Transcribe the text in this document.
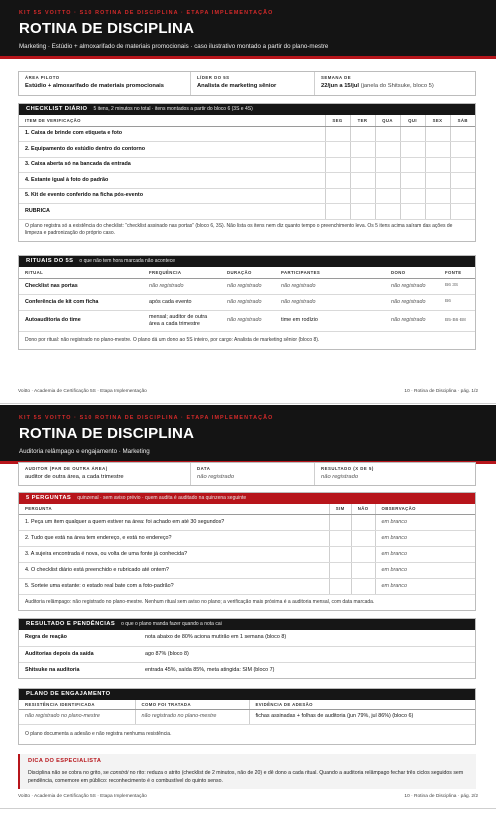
KIT 5S VOITTO · S10 ROTINA DE DISCIPLINA · ETAPA IMPLEMENTAÇÃO
ROTINA DE DISCIPLINA
Marketing · Estúdio + almoxarifado de materiais promocionais · caso ilustrativo montado a partir do plano-mestre
ÁREA PILOTO
Estúdio + almoxarifado de materiais promocionais
LÍDER DO 5S
Analista de marketing sênior
SEMANA DE
22/jun a 15/jul (janela do Shitsuke, bloco 5)
CHECKLIST DIÁRIO 5 itens, 2 minutos no total · itens montados a partir do bloco 6 (3S e 4S)
ITEM DE VERIFICAÇÃO	SEG	TER	QUA	QUI	SEX	SÁB
1. Caixa de brinde com etiqueta e foto						
2. Equipamento do estúdio dentro do contorno						
3. Caixa aberta só na bancada da entrada						
4. Estante igual à foto do padrão						
5. Kit de evento conferido na ficha pós-evento						
RUBRICA						
O plano registra só a existência do checklist: “checklist assinado nas portas” (bloco 6, 3S). Não lista os itens nem diz quanto tempo o preenchimento leva. Os 5 itens acima saíram das ações de limpeza e padronização do próprio caso.
RITUAIS DO 5S o que não tem hora marcada não acontece
RITUAL	FREQUÊNCIA	DURAÇÃO	PARTICIPANTES	DONO	FONTE
Checklist nas portas	não registrado	não registrado	não registrado	não registrado	B6 3S
Conferência de kit com ficha	após cada evento	não registrado	não registrado	não registrado	B6
Autoauditoria do time	mensal; auditor de outra área a cada trimestre	não registrado	time em rodízio	não registrado	B5·B6·B8
Dono por ritual: não registrado no plano-mestre. O plano dá um dono ao 5S inteiro, por cargo: Analista de marketing sênior (bloco 8).
Voitto · Academia de Certificação 5S · Etapa Implementação	10 · Rotina de Disciplina · pág. 1/2
KIT 5S VOITTO · S10 ROTINA DE DISCIPLINA · ETAPA IMPLEMENTAÇÃO
ROTINA DE DISCIPLINA
Auditoria relâmpago e engajamento · Marketing
AUDITOR (PAR DE OUTRA ÁREA)
auditor de outra área, a cada trimestre
DATA
não registrado
RESULTADO (X DE 5)
não registrado
5 PERGUNTAS quinzenal · sem aviso prévio · quem audita é auditado na quinzena seguinte
PERGUNTA	SIM	NÃO	OBSERVAÇÃO
1. Peça um item qualquer a quem estiver na área: foi achado em até 30 segundos?			em branco
2. Tudo que está na área tem endereço, e está no endereço?			em branco
3. A sujeira encontrada é nova, ou volta de uma fonte já conhecida?			em branco
4. O checklist diário está preenchido e rubricado até ontem?			em branco
5. Sorteie uma estante: o estado real bate com a foto-padrão?			em branco
Auditoria relâmpago: não registrado no plano-mestre. Nenhum ritual sem aviso no plano; a verificação mais próxima é a auditoria mensal, com data marcada.
RESULTADO E PENDÊNCIAS o que o plano manda fazer quando a nota cai
Regra de reação	nota abaixo de 80% aciona mutirão em 1 semana (bloco 8)
Auditorias depois da saída	ago 87% (bloco 8)
Shitsuke na auditoria	entrada 45%, saída 85%, meta atingida: SIM (bloco 7)
PLANO DE ENGAJAMENTO
RESISTÊNCIA IDENTIFICADA	COMO FOI TRATADA	EVIDÊNCIA DE ADESÃO
não registrado no plano-mestre	não registrado no plano-mestre	fichas assinadas + folhas de auditoria (jun 79%, jul 86%) (bloco 6)
O plano documenta a adesão e não registra nenhuma resistência.
DICA DO ESPECIALISTA
Disciplina não se cobra no grito, se constrói no rito: reduza o atrito (checklist de 2 minutos, não de 20) e dê dono a cada ritual. Quando a auditoria relâmpago fechar três ciclos seguidos sem pendência, comemore em público: reconhecimento é o combustível do quinto senso.
Voitto · Academia de Certificação 5S · Etapa Implementação	10 · Rotina de Disciplina · pág. 2/2
